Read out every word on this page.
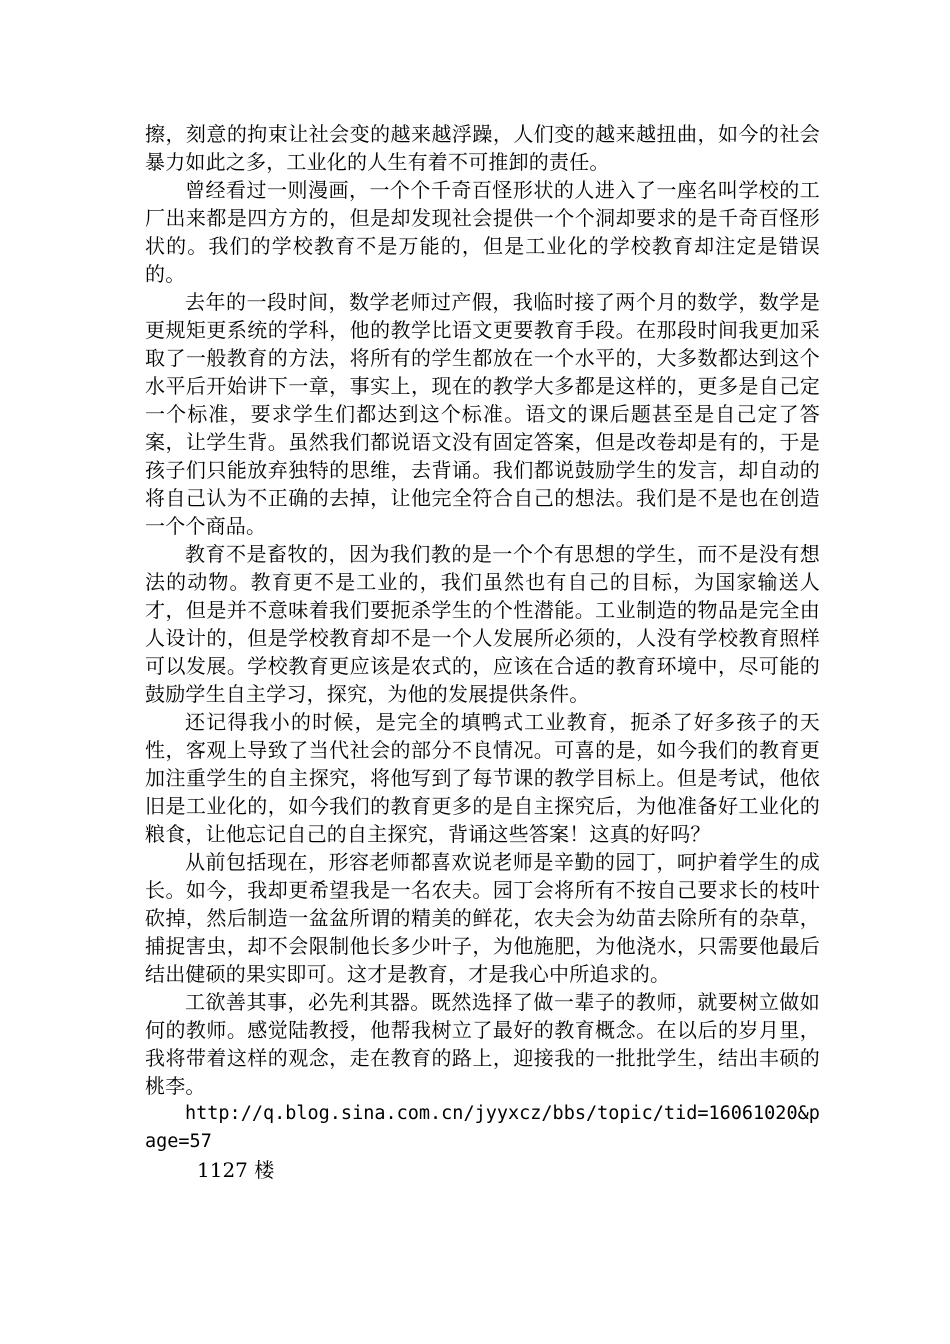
擦，刻意的拘束让社会变的越来越浮躁，人们变的越来越扭曲，如今的社会暴力如此之多，工业化的人生有着不可推卸的责任。

曾经看过一则漫画，一个个千奇百怪形状的人进入了一座名叫学校的工厂出来都是四方方的，但是却发现社会提供一个个洞却要求的是千奇百怪形状的。我们的学校教育不是万能的，但是工业化的学校教育却注定是错误的。

去年的一段时间，数学老师过产假，我临时接了两个月的数学，数学是更规矩更系统的学科，他的教学比语文更要教育手段。在那段时间我更加采取了一般教育的方法，将所有的学生都放在一个水平的，大多数都达到这个水平后开始讲下一章，事实上，现在的教学大多都是这样的，更多是自己定一个标准，要求学生们都达到这个标准。语文的课后题甚至是自己定了答案，让学生背。虽然我们都说语文没有固定答案，但是改卷却是有的，于是孩子们只能放弃独特的思维，去背诵。我们都说鼓励学生的发言，却自动的将自己认为不正确的去掉，让他完全符合自己的想法。我们是不是也在创造一个个商品。

教育不是畜牧的，因为我们教的是一个个有思想的学生，而不是没有想法的动物。教育更不是工业的，我们虽然也有自己的目标，为国家输送人才，但是并不意味着我们要扼杀学生的个性潜能。工业制造的物品是完全由人设计的，但是学校教育却不是一个人发展所必须的，人没有学校教育照样可以发展。学校教育更应该是农式的，应该在合适的教育环境中，尽可能的鼓励学生自主学习，探究，为他的发展提供条件。

还记得我小的时候，是完全的填鸭式工业教育，扼杀了好多孩子的天性，客观上导致了当代社会的部分不良情况。可喜的是，如今我们的教育更加注重学生的自主探究，将他写到了每节课的教学目标上。但是考试，他依旧是工业化的，如今我们的教育更多的是自主探究后，为他准备好工业化的粮食，让他忘记自己的自主探究，背诵这些答案！这真的好吗？

从前包括现在，形容老师都喜欢说老师是辛勤的园丁，呵护着学生的成长。如今，我却更希望我是一名农夫。园丁会将所有不按自己要求长的枝叶砍掉，然后制造一盆盆所谓的精美的鲜花，农夫会为幼苗去除所有的杂草，捕捉害虫，却不会限制他长多少叶子，为他施肥，为他浇水，只需要他最后结出健硕的果实即可。这才是教育，才是我心中所追求的。

工欲善其事，必先利其器。既然选择了做一辈子的教师，就要树立做如何的教师。感觉陆教授，他帮我树立了最好的教育概念。在以后的岁月里，我将带着这样的观念，走在教育的路上，迎接我的一批批学生，结出丰硕的桃李。

http://q.blog.sina.com.cn/jyyxcz/bbs/topic/tid=16061020&page=57

1127 楼
